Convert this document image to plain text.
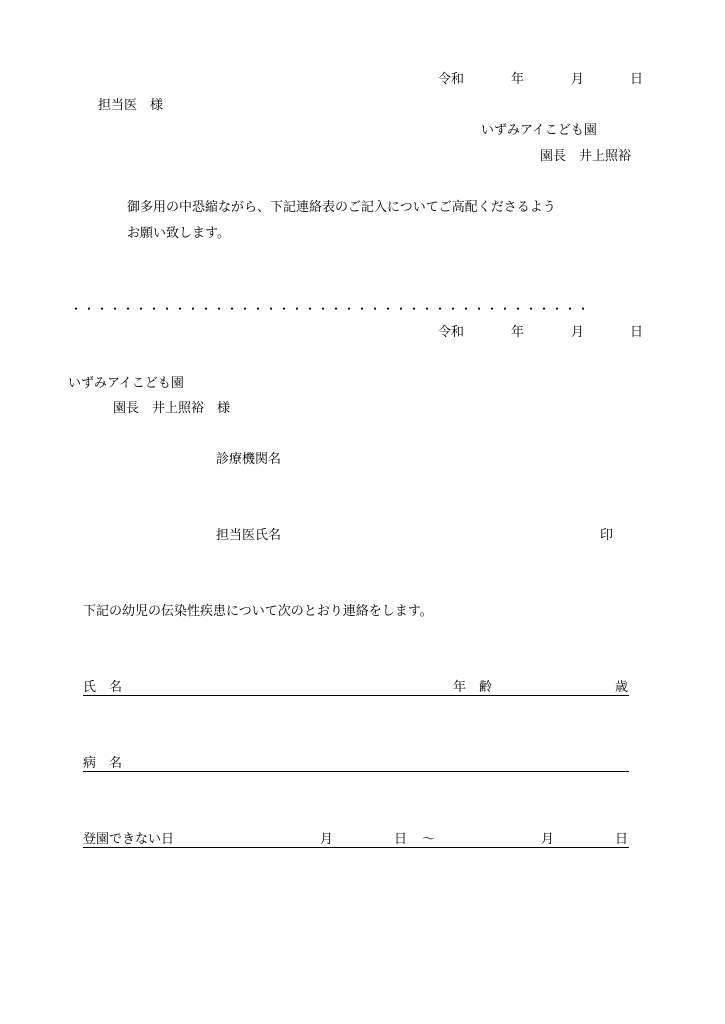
令和	年	月	日
担当医　様
いずみアイこども園
園長　井上照裕
御多用の中恐縮ながら、下記連絡表のご記入についてご高配くださるよう
お願い致します。
・・・・・・・・・・・・・・・・・・・・・・・・・・・・・・・・・・・・・・・・
令和	年	月	日
いずみアイこども園
園長　井上照裕　様
診療機関名
担当医氏名	印
下記の幼児の伝染性疾患について次のとおり連絡をします。
氏　名	年　齢	歳
病　名
登園できない日	月	日 ～	月	日
